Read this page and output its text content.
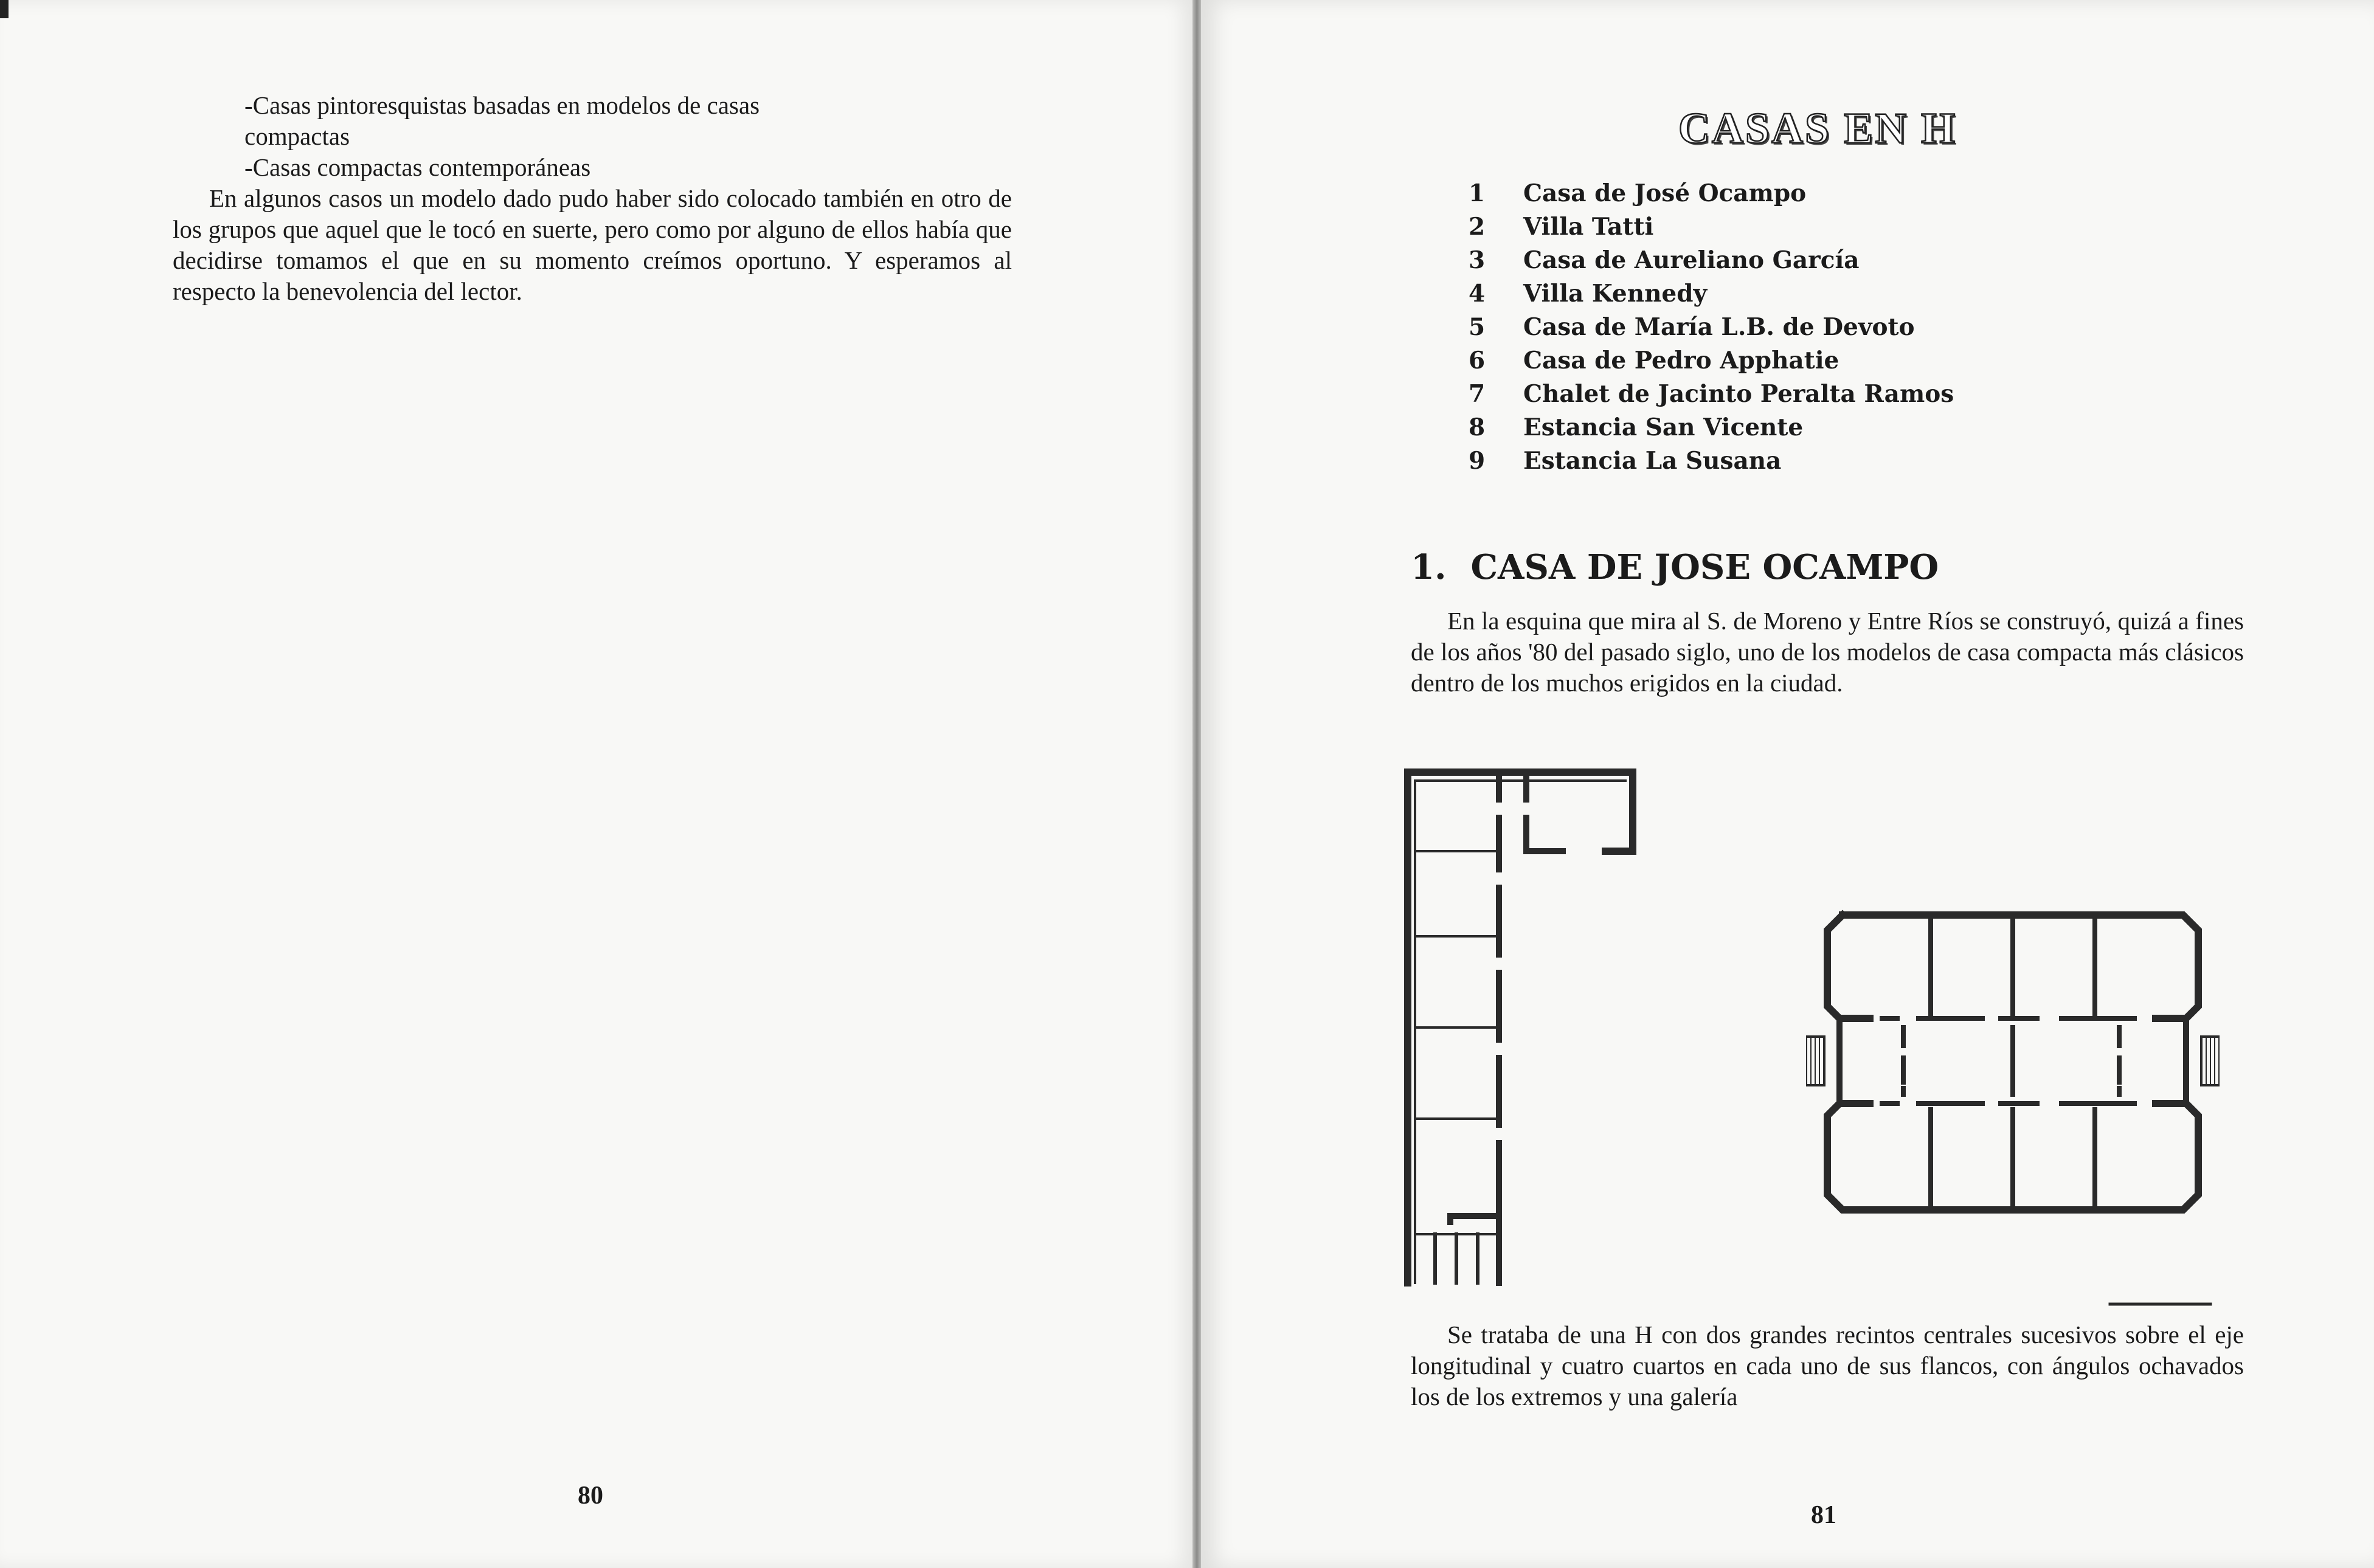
-Casas pintoresquistas basadas en modelos de casas

compactas

-Casas compactas contemporáneas

En algunos casos un modelo dado pudo haber sido colocado también en otro de los grupos que aquel que le tocó en suerte, pero como por alguno de ellos había que decidirse tomamos el que en su momento creímos oportuno. Y esperamos al respecto la benevolencia del lector.

80
CASAS EN H
1	Casa de José Ocampo
2	Villa Tatti
3	Casa de Aureliano García
4	Villa Kennedy
5	Casa de María L.B. de Devoto
6	Casa de Pedro Apphatie
7	Chalet de Jacinto Peralta Ramos
8	Estancia San Vicente
9	Estancia La Susana
1. CASA DE JOSE OCAMPO

En la esquina que mira al S. de Moreno y Entre Ríos se construyó, quizá a fines de los años '80 del pasado siglo, uno de los modelos de casa compacta más clásicos dentro de los muchos erigidos en la ciudad.

Se trataba de una H con dos grandes recintos centrales sucesivos sobre el eje longitudinal y cuatro cuartos en cada uno de sus flancos, con ángulos ochavados los de los extremos y una galería

81
